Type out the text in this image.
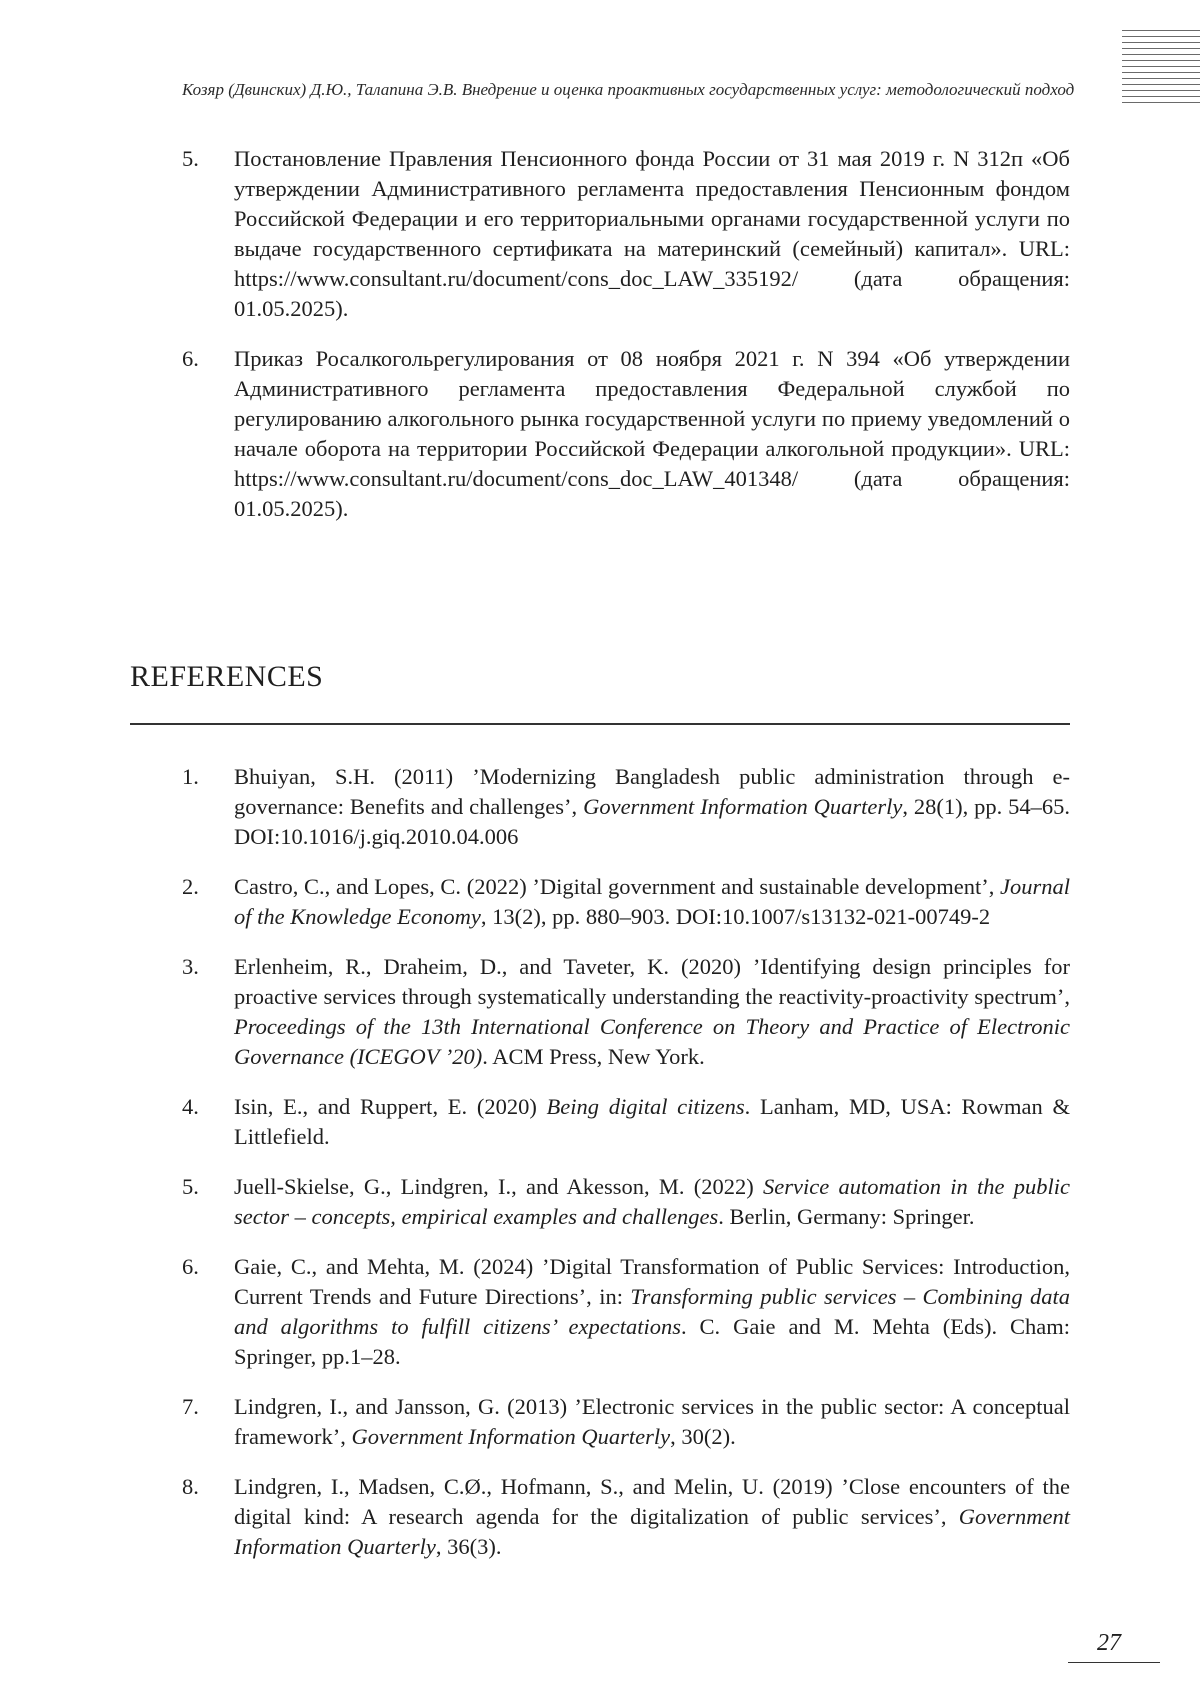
Козяр (Двинских) Д.Ю., Талапина Э.В. Внедрение и оценка проактивных государственных услуг: методологический подход
5. Постановление Правления Пенсионного фонда России от 31 мая 2019 г. N 312п «Об утверждении Административного регламента предоставления Пенсионным фондом Российской Федерации и его территориальными органами государственной услуги по выдаче государственного сертификата на материнский (семейный) капитал». URL: https://www.consultant.ru/document/cons_doc_LAW_335192/ (дата обращения: 01.05.2025).
6. Приказ Росалкогольрегулирования от 08 ноября 2021 г. N 394 «Об утверждении Административного регламента предоставления Федеральной службой по регулированию алкогольного рынка государственной услуги по приему уведомлений о начале оборота на территории Российской Федерации алкогольной продукции». URL: https://www.consultant.ru/document/cons_doc_LAW_401348/ (дата обращения: 01.05.2025).
REFERENCES
1. Bhuiyan, S.H. (2011) ’Modernizing Bangladesh public administration through e-governance: Benefits and challenges’, Government Information Quarterly, 28(1), pp. 54–65. DOI:10.1016/j.giq.2010.04.006
2. Castro, C., and Lopes, C. (2022) ’Digital government and sustainable development’, Journal of the Knowledge Economy, 13(2), pp. 880–903. DOI:10.1007/s13132-021-00749-2
3. Erlenheim, R., Draheim, D., and Taveter, K. (2020) ’Identifying design principles for proactive services through systematically understanding the reactivity-proactivity spectrum’, Proceedings of the 13th International Conference on Theory and Practice of Electronic Governance (ICEGOV ’20). ACM Press, New York.
4. Isin, E., and Ruppert, E. (2020) Being digital citizens. Lanham, MD, USA: Rowman & Littlefield.
5. Juell-Skielse, G., Lindgren, I., and Akesson, M. (2022) Service automation in the public sector – concepts, empirical examples and challenges. Berlin, Germany: Springer.
6. Gaie, C., and Mehta, M. (2024) ’Digital Transformation of Public Services: Introduction, Current Trends and Future Directions’, in: Transforming public services – Combining data and algorithms to fulfill citizens’ expectations. C. Gaie and M. Mehta (Eds). Cham: Springer, pp.1–28.
7. Lindgren, I., and Jansson, G. (2013) ’Electronic services in the public sector: A conceptual framework’, Government Information Quarterly, 30(2).
8. Lindgren, I., Madsen, C.Ø., Hofmann, S., and Melin, U. (2019) ’Close encounters of the digital kind: A research agenda for the digitalization of public services’, Government Information Quarterly, 36(3).
27
